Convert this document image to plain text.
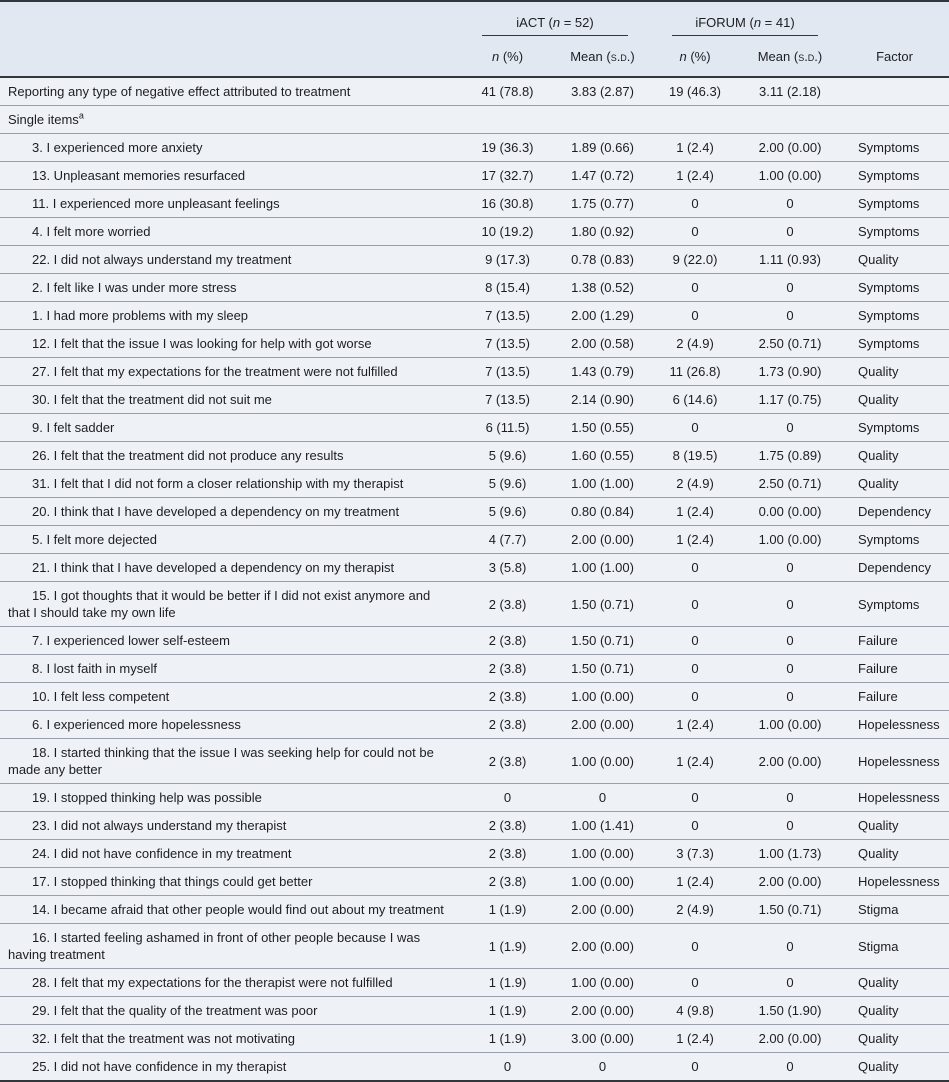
iACT (n = 52)	iFORUM (n = 41)
n (%)	Mean (s.d.)	n (%)	Mean (s.d.)	Factor
Reporting any type of negative effect attributed to treatment	41 (78.8)	3.83 (2.87)	19 (46.3)	3.11 (2.18)
Single items$^a$
3. I experienced more anxiety	19 (36.3)	1.89 (0.66)	1 (2.4)	2.00 (0.00)	Symptoms
13. Unpleasant memories resurfaced	17 (32.7)	1.47 (0.72)	1 (2.4)	1.00 (0.00)	Symptoms
11. I experienced more unpleasant feelings	16 (30.8)	1.75 (0.77)	0	0	Symptoms
4. I felt more worried	10 (19.2)	1.80 (0.92)	0	0	Symptoms
22. I did not always understand my treatment	9 (17.3)	0.78 (0.83)	9 (22.0)	1.11 (0.93)	Quality
2. I felt like I was under more stress	8 (15.4)	1.38 (0.52)	0	0	Symptoms
1. I had more problems with my sleep	7 (13.5)	2.00 (1.29)	0	0	Symptoms
12. I felt that the issue I was looking for help with got worse	7 (13.5)	2.00 (0.58)	2 (4.9)	2.50 (0.71)	Symptoms
27. I felt that my expectations for the treatment were not fulfilled	7 (13.5)	1.43 (0.79)	11 (26.8)	1.73 (0.90)	Quality
30. I felt that the treatment did not suit me	7 (13.5)	2.14 (0.90)	6 (14.6)	1.17 (0.75)	Quality
9. I felt sadder	6 (11.5)	1.50 (0.55)	0	0	Symptoms
26. I felt that the treatment did not produce any results	5 (9.6)	1.60 (0.55)	8 (19.5)	1.75 (0.89)	Quality
31. I felt that I did not form a closer relationship with my therapist	5 (9.6)	1.00 (1.00)	2 (4.9)	2.50 (0.71)	Quality
20. I think that I have developed a dependency on my treatment	5 (9.6)	0.80 (0.84)	1 (2.4)	0.00 (0.00)	Dependency
5. I felt more dejected	4 (7.7)	2.00 (0.00)	1 (2.4)	1.00 (0.00)	Symptoms
21. I think that I have developed a dependency on my therapist	3 (5.8)	1.00 (1.00)	0	0	Dependency
15. I got thoughts that it would be better if I did not exist anymore and that I should take my own life
2 (3.8)	1.50 (0.71)	0	0	Symptoms
7. I experienced lower self-esteem	2 (3.8)	1.50 (0.71)	0	0	Failure
8. I lost faith in myself	2 (3.8)	1.50 (0.71)	0	0	Failure
10. I felt less competent	2 (3.8)	1.00 (0.00)	0	0	Failure
6. I experienced more hopelessness	2 (3.8)	2.00 (0.00)	1 (2.4)	1.00 (0.00)	Hopelessness
18. I started thinking that the issue I was seeking help for could not be made any better
2 (3.8)	1.00 (0.00)	1 (2.4)	2.00 (0.00)	Hopelessness
19. I stopped thinking help was possible	0	0	0	0	Hopelessness
23. I did not always understand my therapist	2 (3.8)	1.00 (1.41)	0	0	Quality
24. I did not have confidence in my treatment	2 (3.8)	1.00 (0.00)	3 (7.3)	1.00 (1.73)	Quality
17. I stopped thinking that things could get better	2 (3.8)	1.00 (0.00)	1 (2.4)	2.00 (0.00)	Hopelessness
14. I became afraid that other people would find out about my treatment	1 (1.9)	2.00 (0.00)	2 (4.9)	1.50 (0.71)	Stigma
16. I started feeling ashamed in front of other people because I was having treatment
1 (1.9)	2.00 (0.00)	0	0	Stigma
28. I felt that my expectations for the therapist were not fulfilled	1 (1.9)	1.00 (0.00)	0	0	Quality
29. I felt that the quality of the treatment was poor	1 (1.9)	2.00 (0.00)	4 (9.8)	1.50 (1.90)	Quality
32. I felt that the treatment was not motivating	1 (1.9)	3.00 (0.00)	1 (2.4)	2.00 (0.00)	Quality
25. I did not have confidence in my therapist	0	0	0	0	Quality
